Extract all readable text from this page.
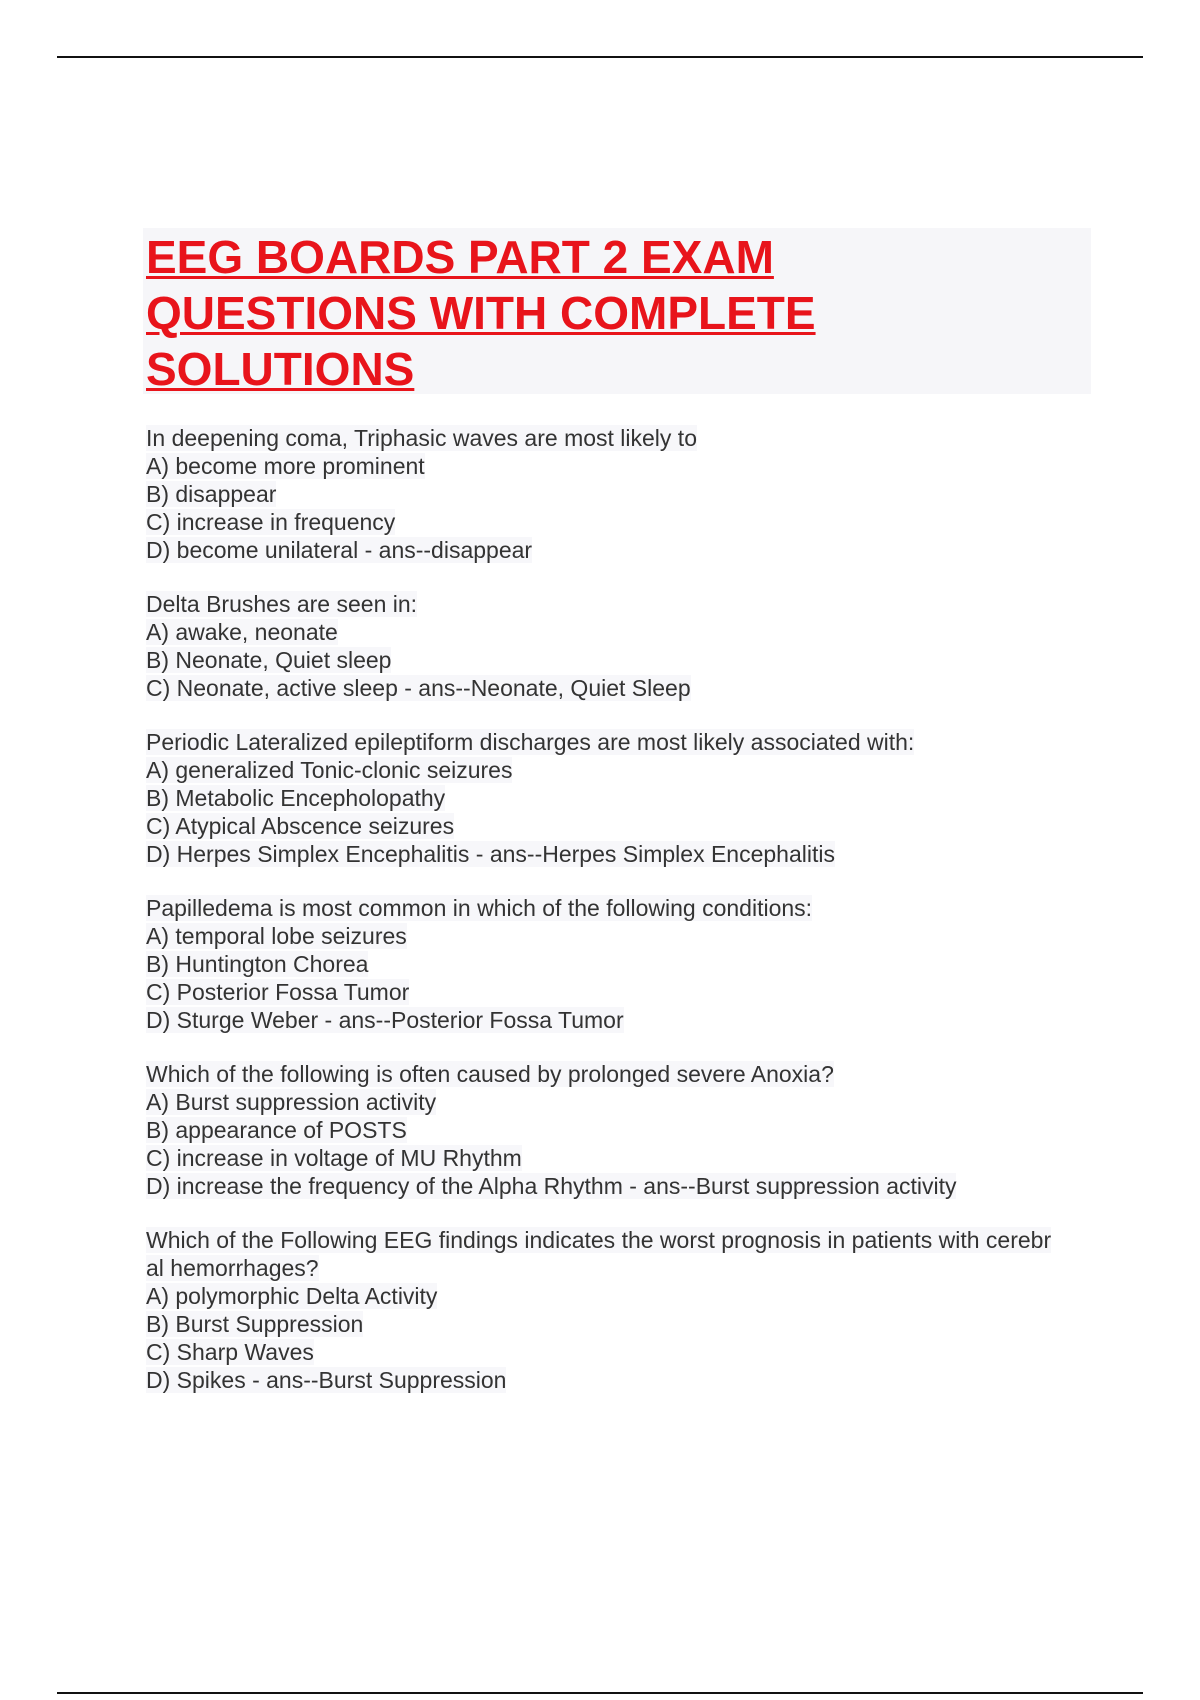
EEG BOARDS PART 2 EXAM
QUESTIONS WITH COMPLETE
SOLUTIONS
In deepening coma, Triphasic waves are most likely to
A) become more prominent
B) disappear
C) increase in frequency
D) become unilateral - ans--disappear
Delta Brushes are seen in:
A) awake, neonate
B) Neonate, Quiet sleep
C) Neonate, active sleep - ans--Neonate, Quiet Sleep
Periodic Lateralized epileptiform discharges are most likely associated with:
A) generalized Tonic-clonic seizures
B) Metabolic Encepholopathy
C) Atypical Abscence seizures
D) Herpes Simplex Encephalitis - ans--Herpes Simplex Encephalitis
Papilledema is most common in which of the following conditions:
A) temporal lobe seizures
B) Huntington Chorea
C) Posterior Fossa Tumor
D) Sturge Weber - ans--Posterior Fossa Tumor
Which of the following is often caused by prolonged severe Anoxia?
A) Burst suppression activity
B) appearance of POSTS
C) increase in voltage of MU Rhythm
D) increase the frequency of the Alpha Rhythm - ans--Burst suppression activity
Which of the Following EEG findings indicates the worst prognosis in patients with cerebr
al hemorrhages?
A) polymorphic Delta Activity
B) Burst Suppression
C) Sharp Waves
D) Spikes - ans--Burst Suppression
